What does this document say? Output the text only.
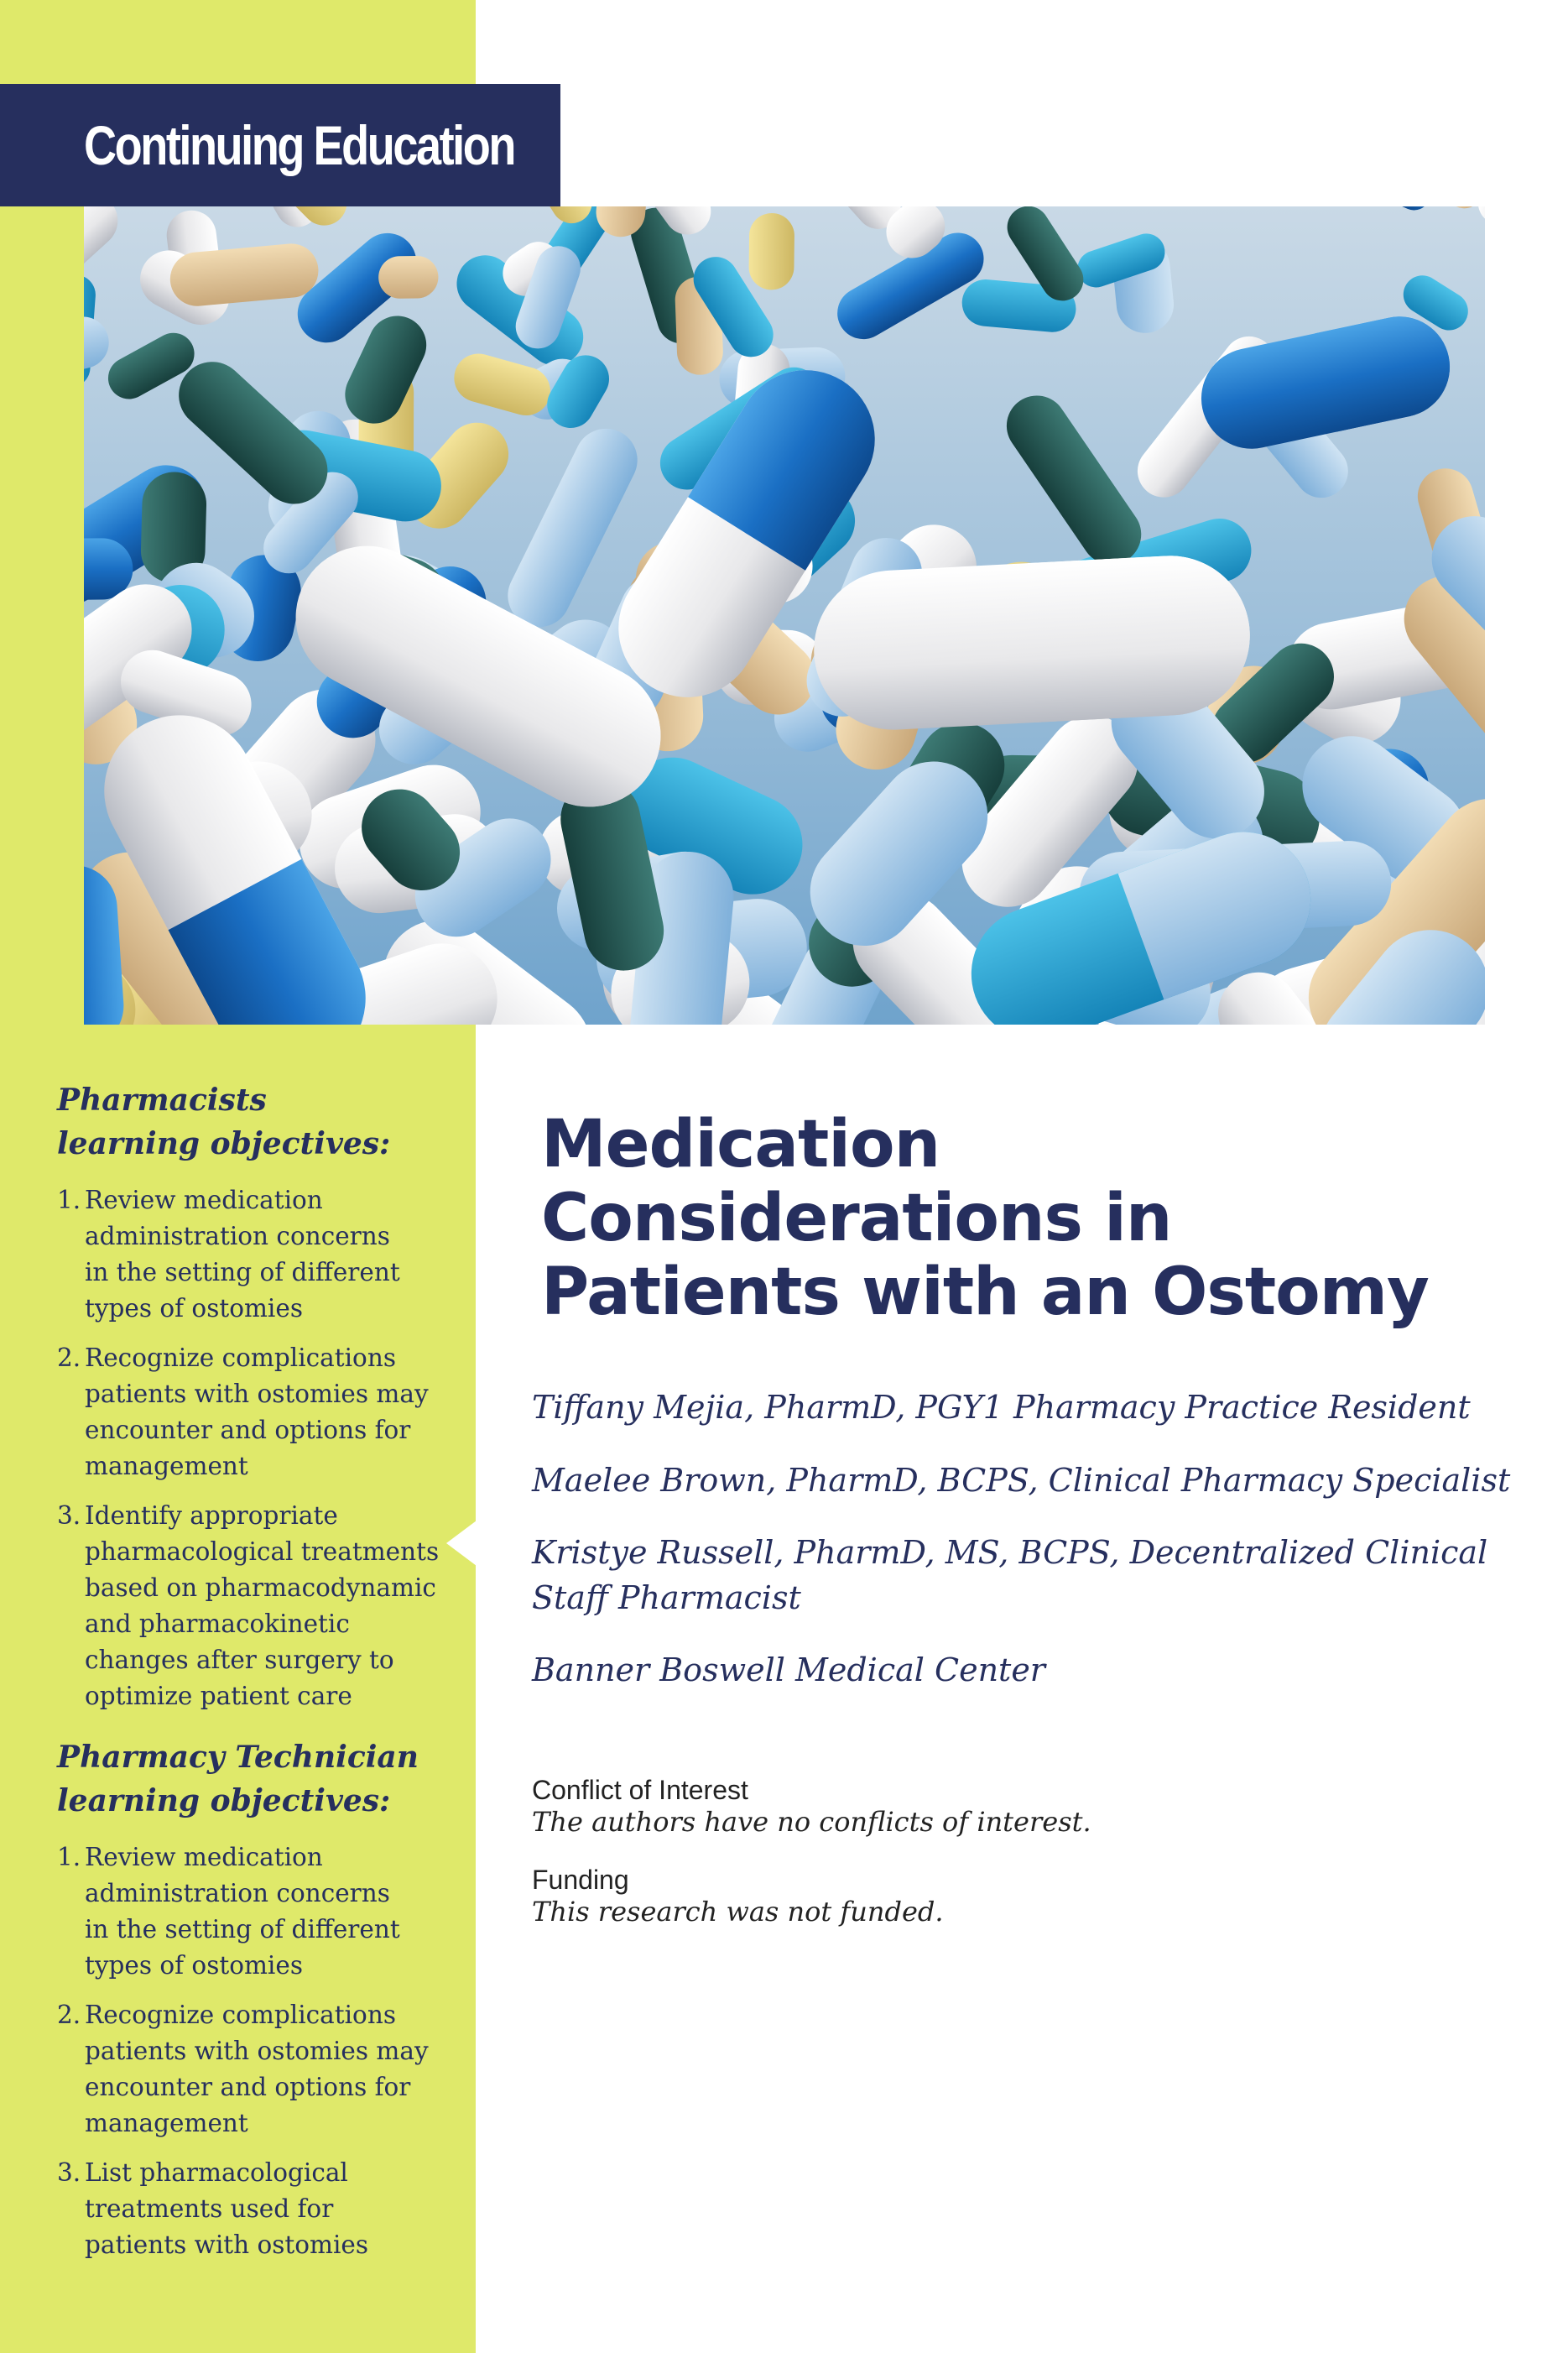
Continuing Education
Pharmacists
learning objectives:
1. Review medication
administration concerns
in the setting of different
types of ostomies
2. Recognize complications
patients with ostomies may
encounter and options for
management
3. Identify appropriate
pharmacological treatments
based on pharmacodynamic
and pharmacokinetic
changes after surgery to
optimize patient care
Pharmacy Technician
learning objectives:
1. Review medication
administration concerns
in the setting of different
types of ostomies
2. Recognize complications
patients with ostomies may
encounter and options for
management
3. List pharmacological
treatments used for
patients with ostomies
Medication
Considerations in
Patients with an Ostomy

Tiffany Mejia, PharmD, PGY1 Pharmacy Practice Resident

Maelee Brown, PharmD, BCPS, Clinical Pharmacy Specialist

Kristye Russell, PharmD, MS, BCPS, Decentralized Clinical
Staff Pharmacist

Banner Boswell Medical Center

Conflict of Interest

The authors have no conflicts of interest.

Funding

This research was not funded.
